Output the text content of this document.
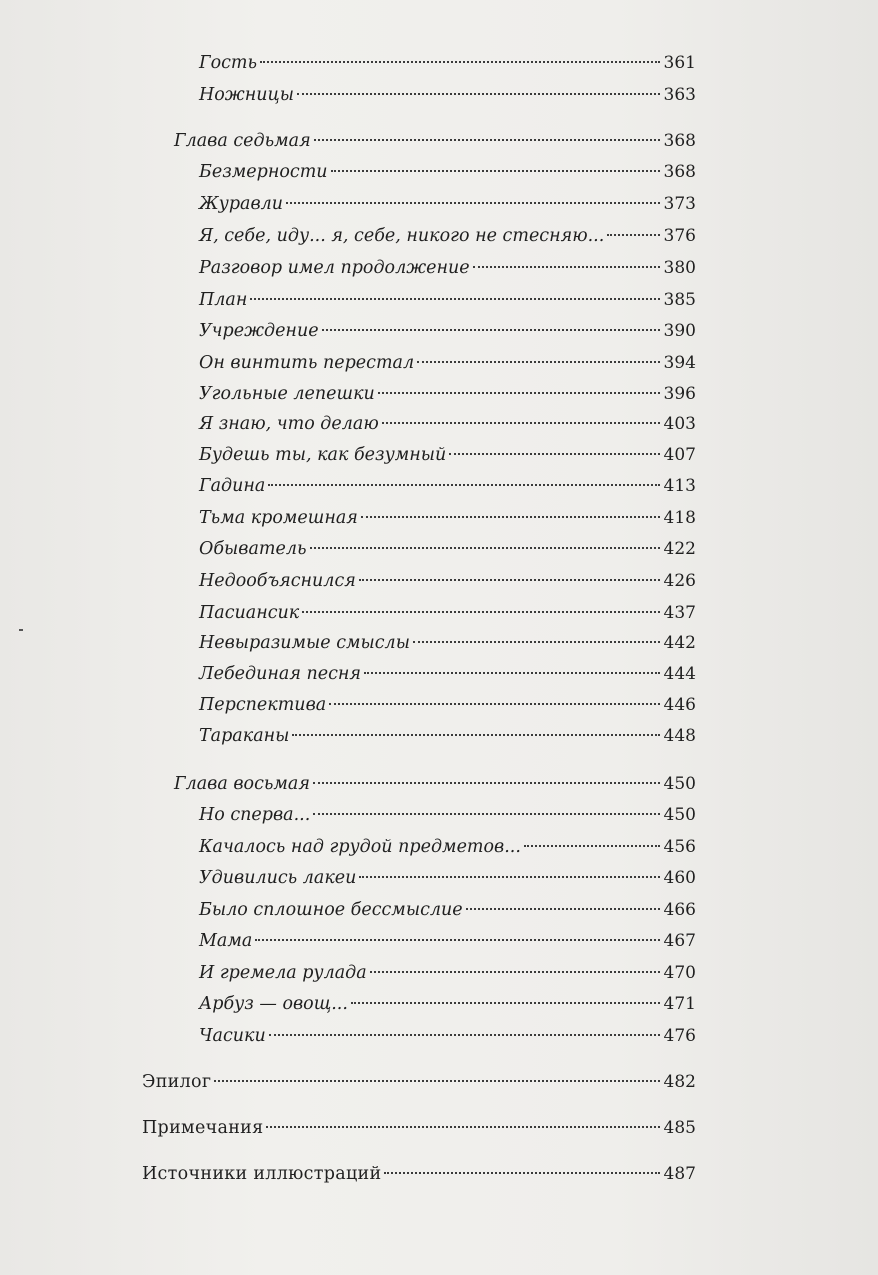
Гость	361
Ножницы	363
Глава седьмая	368
Безмерности	368
Журавли	373
Я, себе, иду... я, себе, никого не стесняю...	376
Разговор имел продолжение	380
План	385
Учреждение	390
Он винтить перестал	394
Угольные лепешки	396
Я знаю, что делаю	403
Будешь ты, как безумный	407
Гадина	413
Тьма кромешная	418
Обыватель	422
Недообъяснился	426
Пасиансик	437
Невыразимые смыслы	442
Лебединая песня	444
Перспектива	446
Тараканы	448
Глава восьмая	450
Но сперва...	450
Качалось над грудой предметов...	456
Удивились лакеи	460
Было сплошное бессмыслие	466
Мама	467
И гремела рулада	470
Арбуз — овощ...	471
Часики	476
Эпилог	482
Примечания	485
Источники иллюстраций	487
